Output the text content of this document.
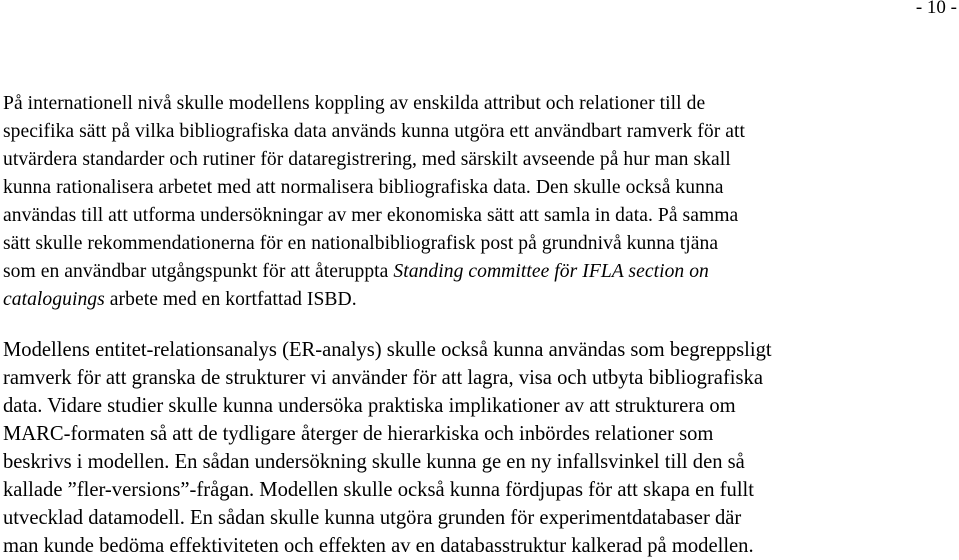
- 10 -
På internationell nivå skulle modellens koppling av enskilda attribut och relationer till de
specifika sätt på vilka bibliografiska data används kunna utgöra ett användbart ramverk för att
utvärdera standarder och rutiner för dataregistrering, med särskilt avseende på hur man skall
kunna rationalisera arbetet med att normalisera bibliografiska data. Den skulle också kunna
användas till att utforma undersökningar av mer ekonomiska sätt att samla in data. På samma
sätt skulle rekommendationerna för en nationalbibliografisk post på grundnivå kunna tjäna
som en användbar utgångspunkt för att återuppta Standing committee för IFLA section on
cataloguings arbete med en kortfattad ISBD.
Modellens entitet-relationsanalys (ER-analys) skulle också kunna användas som begreppsligt
ramverk för att granska de strukturer vi använder för att lagra, visa och utbyta bibliografiska
data. Vidare studier skulle kunna undersöka praktiska implikationer av att strukturera om
MARC-formaten så att de tydligare återger de hierarkiska och inbördes relationer som
beskrivs i modellen. En sådan undersökning skulle kunna ge en ny infallsvinkel till den så
kallade ”fler-versions”-frågan. Modellen skulle också kunna fördjupas för att skapa en fullt
utvecklad datamodell. En sådan skulle kunna utgöra grunden för experimentdatabaser där
man kunde bedöma effektiviteten och effekten av en databasstruktur kalkerad på modellen.
